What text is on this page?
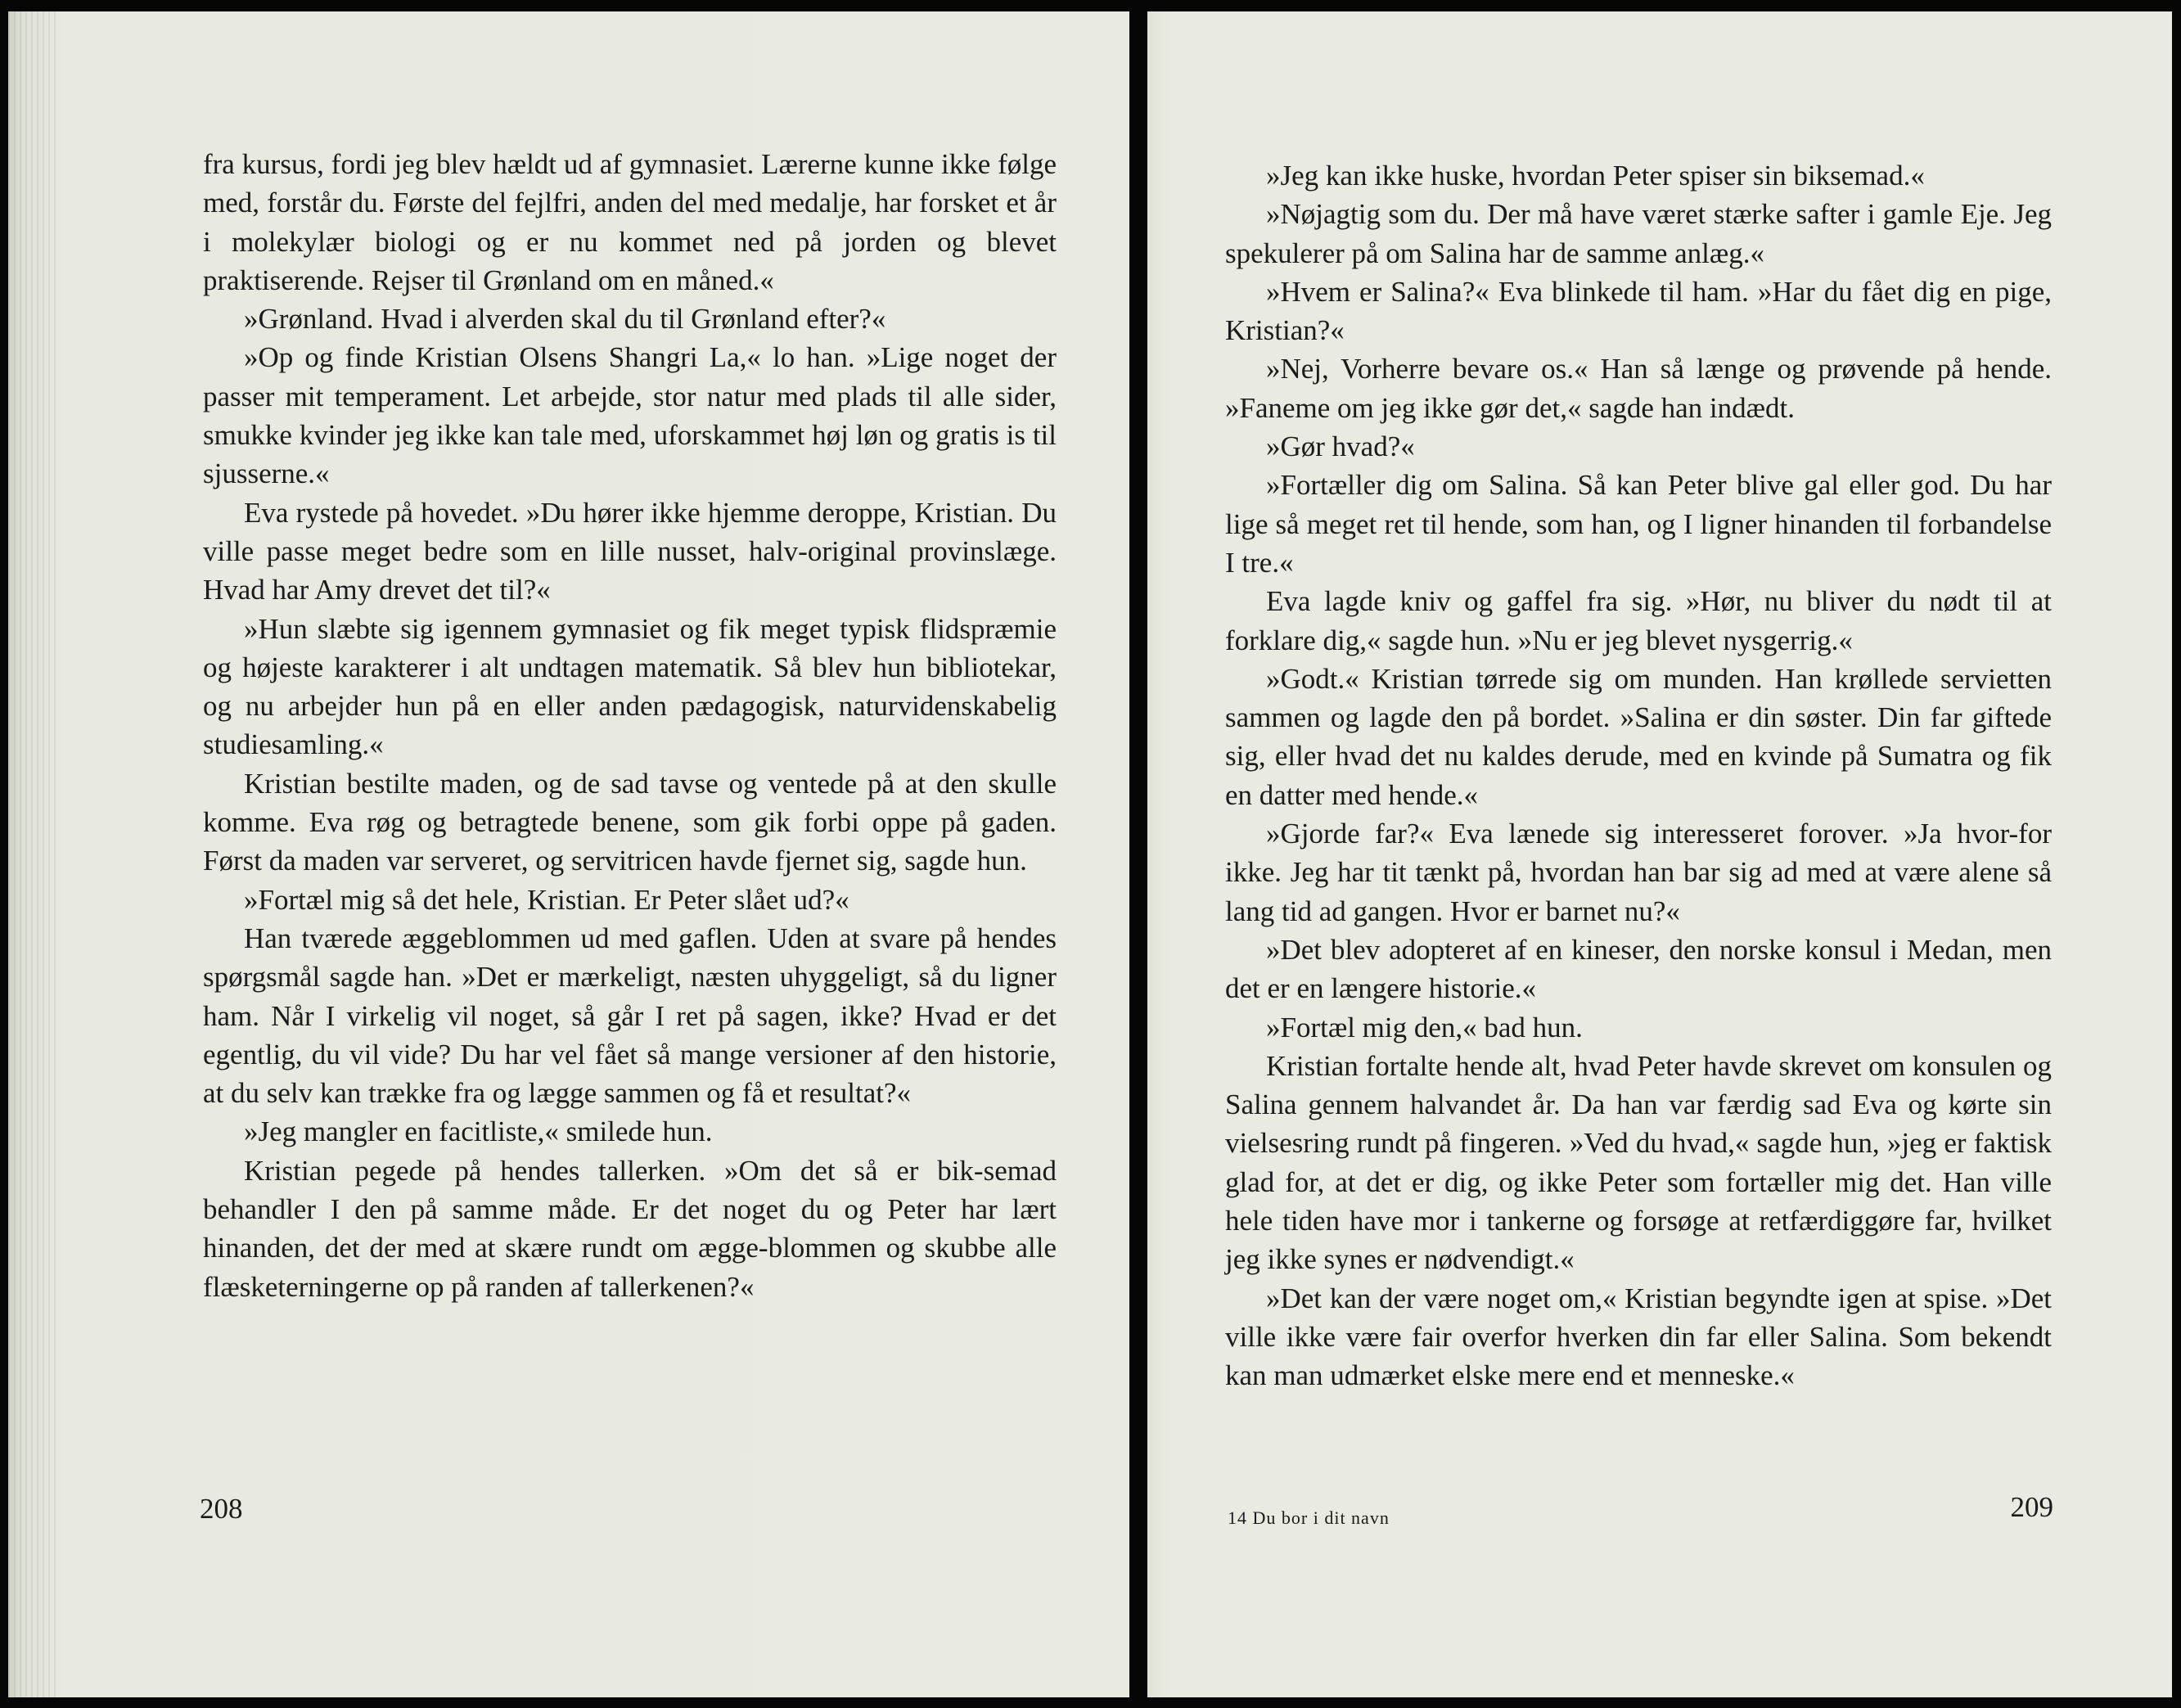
fra kursus, fordi jeg blev hældt ud af gymnasiet. Lærerne kunne ikke følge med, forstår du. Første del fejlfri, anden del med medalje, har forsket et år i molekylær biologi og er nu kommet ned på jorden og blevet praktiserende. Rejser til Grønland om en måned.«

»Grønland. Hvad i alverden skal du til Grønland efter?«

»Op og finde Kristian Olsens Shangri La,« lo han. »Lige noget der passer mit temperament. Let arbejde, stor natur med plads til alle sider, smukke kvinder jeg ikke kan tale med, uforskammet høj løn og gratis is til sjusserne.«

Eva rystede på hovedet. »Du hører ikke hjemme deroppe, Kristian. Du ville passe meget bedre som en lille nusset, halv-original provinslæge. Hvad har Amy drevet det til?«

»Hun slæbte sig igennem gymnasiet og fik meget typisk flidspræmie og højeste karakterer i alt undtagen matematik. Så blev hun bibliotekar, og nu arbejder hun på en eller anden pædagogisk, naturvidenskabelig studiesamling.«

Kristian bestilte maden, og de sad tavse og ventede på at den skulle komme. Eva røg og betragtede benene, som gik forbi oppe på gaden. Først da maden var serveret, og servitricen havde fjernet sig, sagde hun.

»Fortæl mig så det hele, Kristian. Er Peter slået ud?«

Han tværede æggeblommen ud med gaflen. Uden at svare på hendes spørgsmål sagde han. »Det er mærkeligt, næsten uhyggeligt, så du ligner ham. Når I virkelig vil noget, så går I ret på sagen, ikke? Hvad er det egentlig, du vil vide? Du har vel fået så mange versioner af den historie, at du selv kan trække fra og lægge sammen og få et resultat?«

»Jeg mangler en facitliste,« smilede hun.

Kristian pegede på hendes tallerken. »Om det så er bik-semad behandler I den på samme måde. Er det noget du og Peter har lært hinanden, det der med at skære rundt om ægge-blommen og skubbe alle flæsketerningerne op på randen af tallerkenen?«

208

»Jeg kan ikke huske, hvordan Peter spiser sin biksemad.«

»Nøjagtig som du. Der må have været stærke safter i gamle Eje. Jeg spekulerer på om Salina har de samme anlæg.«

»Hvem er Salina?« Eva blinkede til ham. »Har du fået dig en pige, Kristian?«

»Nej, Vorherre bevare os.« Han så længe og prøvende på hende. »Faneme om jeg ikke gør det,« sagde han indædt.

»Gør hvad?«

»Fortæller dig om Salina. Så kan Peter blive gal eller god. Du har lige så meget ret til hende, som han, og I ligner hinanden til forbandelse I tre.«

Eva lagde kniv og gaffel fra sig. »Hør, nu bliver du nødt til at forklare dig,« sagde hun. »Nu er jeg blevet nysgerrig.«

»Godt.« Kristian tørrede sig om munden. Han krøllede servietten sammen og lagde den på bordet. »Salina er din søster. Din far giftede sig, eller hvad det nu kaldes derude, med en kvinde på Sumatra og fik en datter med hende.«

»Gjorde far?« Eva lænede sig interesseret forover. »Ja hvor-for ikke. Jeg har tit tænkt på, hvordan han bar sig ad med at være alene så lang tid ad gangen. Hvor er barnet nu?«

»Det blev adopteret af en kineser, den norske konsul i Medan, men det er en længere historie.«

»Fortæl mig den,« bad hun.

Kristian fortalte hende alt, hvad Peter havde skrevet om konsulen og Salina gennem halvandet år. Da han var færdig sad Eva og kørte sin vielsesring rundt på fingeren. »Ved du hvad,« sagde hun, »jeg er faktisk glad for, at det er dig, og ikke Peter som fortæller mig det. Han ville hele tiden have mor i tankerne og forsøge at retfærdiggøre far, hvilket jeg ikke synes er nødvendigt.«

»Det kan der være noget om,« Kristian begyndte igen at spise. »Det ville ikke være fair overfor hverken din far eller Salina. Som bekendt kan man udmærket elske mere end et menneske.«

14 Du bor i dit navn	209
